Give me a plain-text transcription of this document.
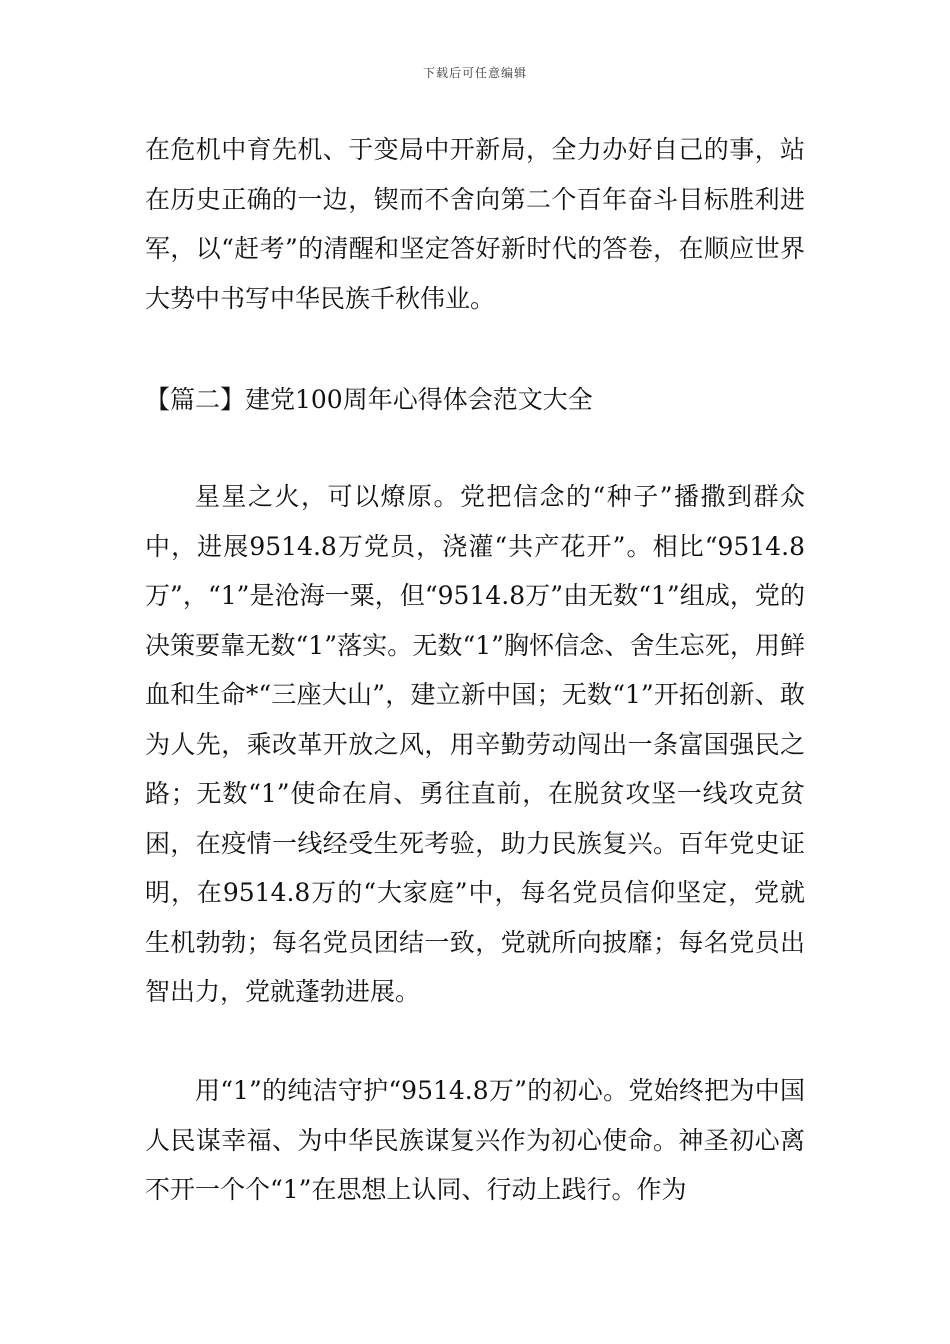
下载后可任意编辑

在危机中育先机、于变局中开新局，全力办好自己的事，站在历史正确的一边，锲而不舍向第二个百年奋斗目标胜利进军，以“赶考”的清醒和坚定答好新时代的答卷，在顺应世界大势中书写中华民族千秋伟业。

【篇二】建党100周年心得体会范文大全

星星之火，可以燎原。党把信念的“种子”播撒到群众中，进展9514.8万党员，浇灌“共产花开”。相比“9514.8万”，“1”是沧海一粟，但“9514.8万”由无数“1”组成，党的决策要靠无数“1”落实。无数“1”胸怀信念、舍生忘死，用鲜血和生命*“三座大山”，建立新中国；无数“1”开拓创新、敢为人先，乘改革开放之风，用辛勤劳动闯出一条富国强民之路；无数“1”使命在肩、勇往直前，在脱贫攻坚一线攻克贫困，在疫情一线经受生死考验，助力民族复兴。百年党史证明，在9514.8万的“大家庭”中，每名党员信仰坚定，党就生机勃勃；每名党员团结一致，党就所向披靡；每名党员出智出力，党就蓬勃进展。

用“1”的纯洁守护“9514.8万”的初心。党始终把为中国人民谋幸福、为中华民族谋复兴作为初心使命。神圣初心离不开一个个“1”在思想上认同、行动上践行。作为
